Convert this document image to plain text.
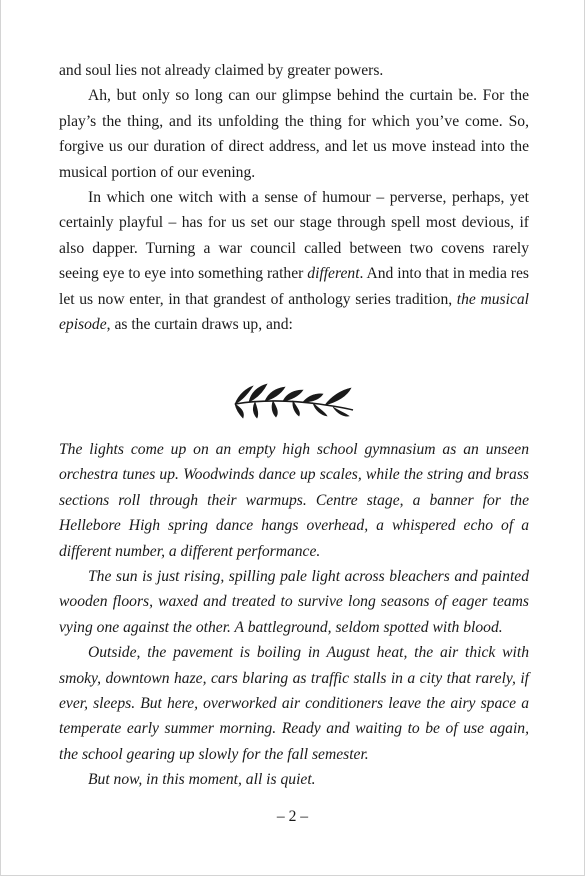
and soul lies not already claimed by greater powers.

Ah, but only so long can our glimpse behind the curtain be. For the play’s the thing, and its unfolding the thing for which you’ve come. So, forgive us our duration of direct address, and let us move instead into the musical portion of our evening.

In which one witch with a sense of humour – perverse, perhaps, yet certainly playful – has for us set our stage through spell most devious, if also dapper. Turning a war council called between two covens rarely seeing eye to eye into something rather different. And into that in media res let us now enter, in that grandest of anthology series tradition, the musical episode, as the curtain draws up, and:

The lights come up on an empty high school gymnasium as an unseen orchestra tunes up. Woodwinds dance up scales, while the string and brass sections roll through their warmups. Centre stage, a banner for the Hellebore High spring dance hangs overhead, a whispered echo of a different number, a different performance.

The sun is just rising, spilling pale light across bleachers and painted wooden floors, waxed and treated to survive long seasons of eager teams vying one against the other. A battleground, seldom spotted with blood.

Outside, the pavement is boiling in August heat, the air thick with smoky, downtown haze, cars blaring as traffic stalls in a city that rarely, if ever, sleeps. But here, overworked air conditioners leave the airy space a temperate early summer morning. Ready and waiting to be of use again, the school gearing up slowly for the fall semester.

But now, in this moment, all is quiet.

– 2 –
